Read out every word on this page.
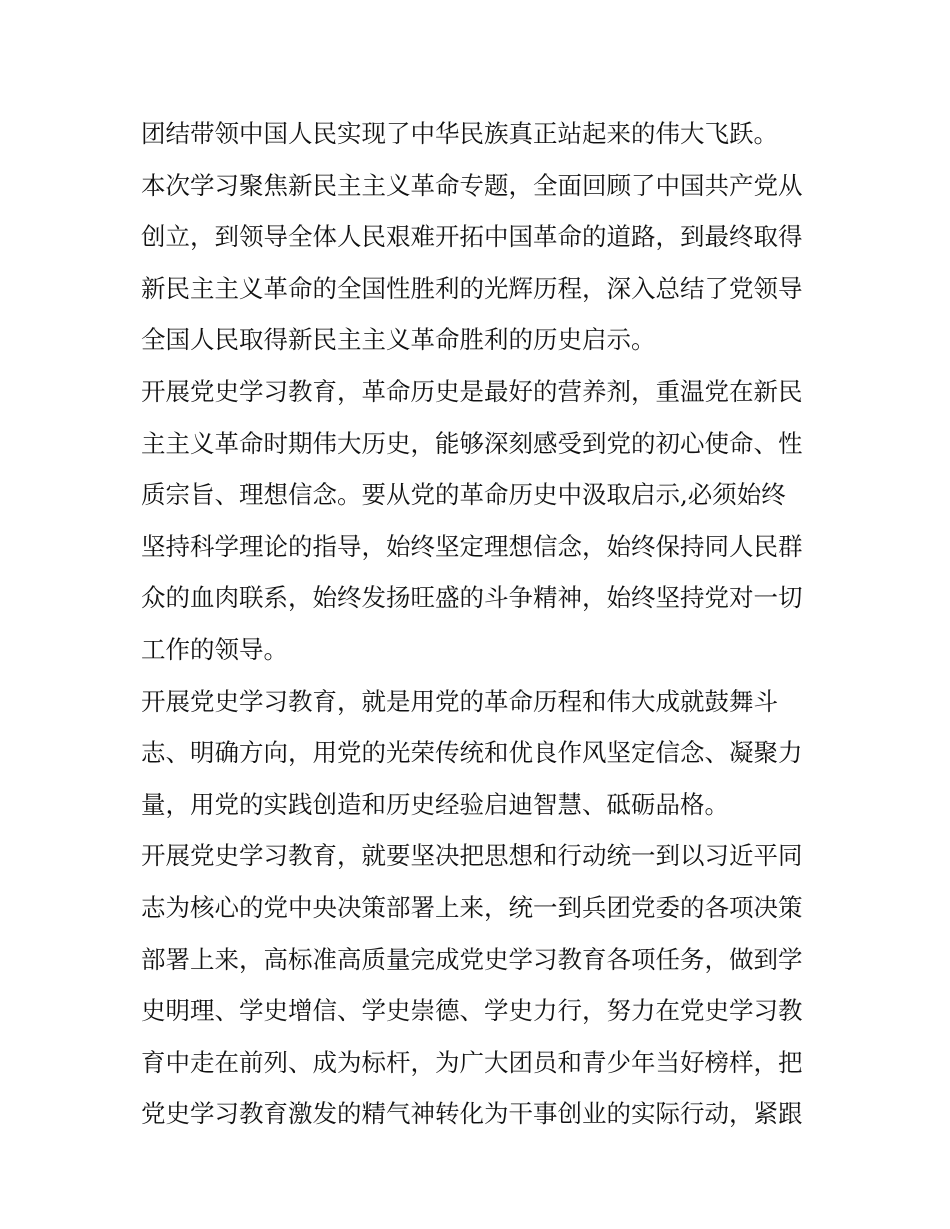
团结带领中国人民实现了中华民族真正站起来的伟大飞跃。
本次学习聚焦新民主主义革命专题，全面回顾了中国共产党从
创立，到领导全体人民艰难开拓中国革命的道路，到最终取得
新民主主义革命的全国性胜利的光辉历程，深入总结了党领导
全国人民取得新民主主义革命胜利的历史启示。
开展党史学习教育，革命历史是最好的营养剂，重温党在新民
主主义革命时期伟大历史，能够深刻感受到党的初心使命、性
质宗旨、理想信念。要从党的革命历史中汲取启示,必须始终
坚持科学理论的指导，始终坚定理想信念，始终保持同人民群
众的血肉联系，始终发扬旺盛的斗争精神，始终坚持党对一切
工作的领导。
开展党史学习教育，就是用党的革命历程和伟大成就鼓舞斗
志、明确方向，用党的光荣传统和优良作风坚定信念、凝聚力
量，用党的实践创造和历史经验启迪智慧、砥砺品格。
开展党史学习教育，就要坚决把思想和行动统一到以习近平同
志为核心的党中央决策部署上来，统一到兵团党委的各项决策
部署上来，高标准高质量完成党史学习教育各项任务，做到学
史明理、学史增信、学史崇德、学史力行，努力在党史学习教
育中走在前列、成为标杆，为广大团员和青少年当好榜样，把
党史学习教育激发的精气神转化为干事创业的实际行动，紧跟
